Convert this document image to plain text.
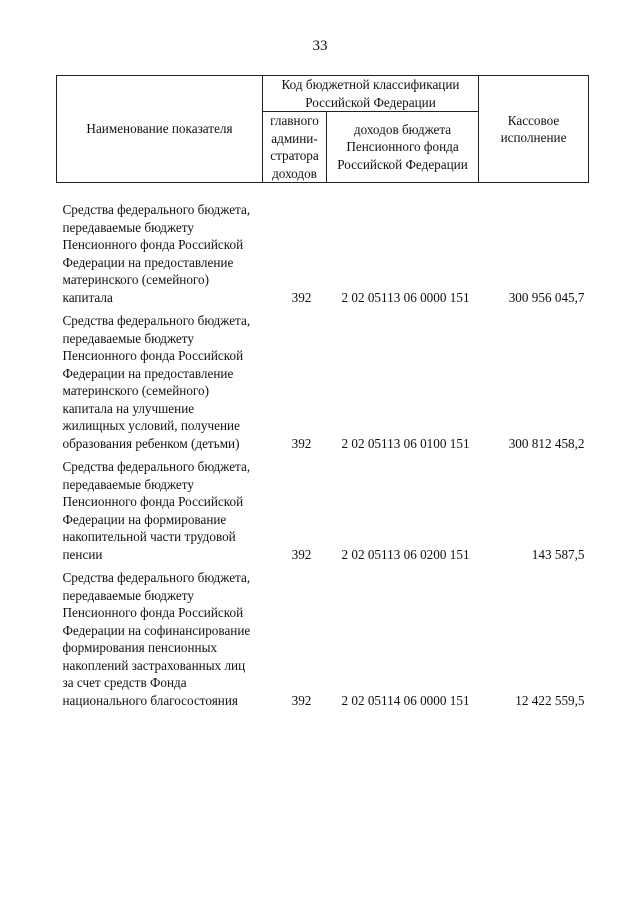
33
Наименование показателя	Код бюджетной классификации Российской Федерации		Кассовое исполнение
	главного админи-стратора доходов	доходов бюджета Пенсионного фонда Российской Федерации	

Средства федерального бюджета, передаваемые бюджету Пенсионного фонда Российской Федерации на предоставление материнского (семейного) капитала	392	2 02 05113 06 0000 151	300 956 045,7

Средства федерального бюджета, передаваемые бюджету Пенсионного фонда Российской Федерации на предоставление материнского (семейного) капитала на улучшение жилищных условий, получение образования ребенком (детьми)	392	2 02 05113 06 0100 151	300 812 458,2

Средства федерального бюджета, передаваемые бюджету Пенсионного фонда Российской Федерации на формирование накопительной части трудовой пенсии	392	2 02 05113 06 0200 151	143 587,5

Средства федерального бюджета, передаваемые бюджету Пенсионного фонда Российской Федерации на софинансирование формирования пенсионных накоплений застрахованных лиц за счет средств Фонда национального благосостояния	392	2 02 05114 06 0000 151	12 422 559,5
